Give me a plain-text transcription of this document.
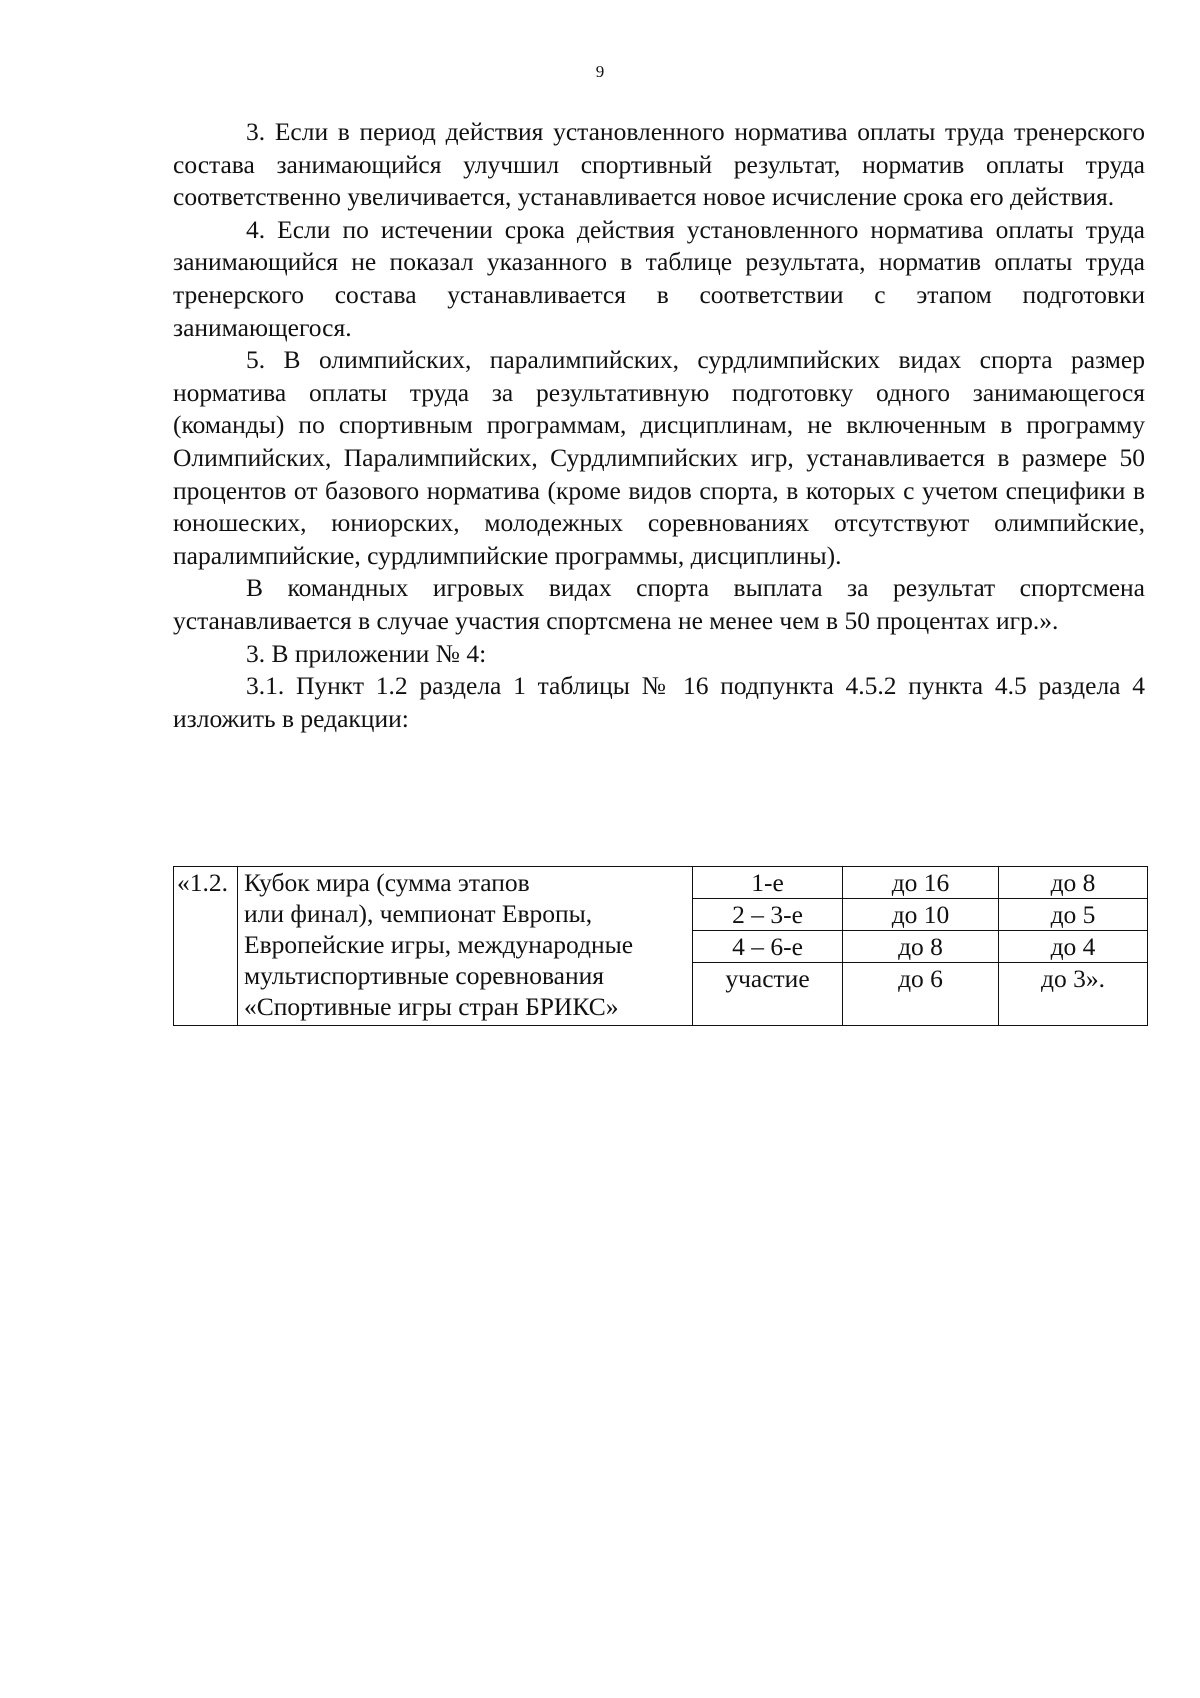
9

3. Если в период действия установленного норматива оплаты труда тренерского состава занимающийся улучшил спортивный результат, норматив оплаты труда соответственно увеличивается, устанавливается новое исчисление срока его действия.

4. Если по истечении срока действия установленного норматива оплаты труда занимающийся не показал указанного в таблице результата, норматив оплаты труда тренерского состава устанавливается в соответствии с этапом подготовки занимающегося.

5. В олимпийских, паралимпийских, сурдлимпийских видах спорта размер норматива оплаты труда за результативную подготовку одного занимающегося (команды) по спортивным программам, дисциплинам, не включенным в программу Олимпийских, Паралимпийских, Сурдлимпийских игр, устанавливается в размере 50 процентов от базового норматива (кроме видов спорта, в которых с учетом специфики в юношеских, юниорских, молодежных соревнованиях отсутствуют олимпийские, паралимпийские, сурдлимпийские программы, дисциплины).

В командных игровых видах спорта выплата за результат спортсмена устанавливается в случае участия спортсмена не менее чем в 50 процентах игр.».

3. В приложении № 4:

3.1. Пункт 1.2 раздела 1 таблицы № 16 подпункта 4.5.2 пункта 4.5 раздела 4 изложить в редакции:

«1.2.	Кубок мира (сумма этапов
или финал), чемпионат Европы,
Европейские игры, международные
мультиспортивные соревнования
«Спортивные игры стран БРИКС»	1-е	до 16	до 8
		2 – 3-е	до 10	до 5
		4 – 6-е	до 8	до 4
		участие	до 6	до 3».
